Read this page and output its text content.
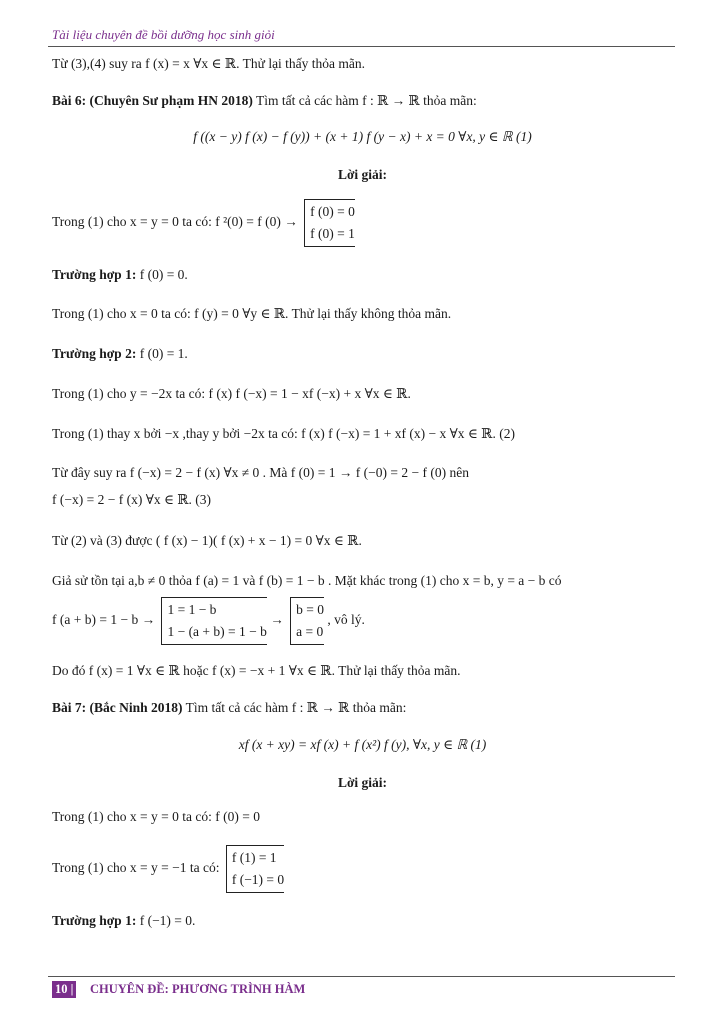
Tài liệu chuyên đề bồi dưỡng học sinh giỏi
Từ (3),(4) suy ra f (x) = x ∀x ∈ ℝ. Thử lại thấy thỏa mãn.
Bài 6: (Chuyên Sư phạm HN 2018) Tìm tất cả các hàm f : ℝ → ℝ thỏa mãn:
f ((x − y) f (x) − f (y)) + (x + 1) f (y − x) + x = 0 ∀x, y ∈ ℝ (1)
Lời giải:
Trong (1) cho x = y = 0 ta có: f ²(0) = f (0) →
f (0) = 0
f (0) = 1
Trường hợp 1: f (0) = 0.
Trong (1) cho x = 0 ta có: f (y) = 0 ∀y ∈ ℝ. Thử lại thấy không thỏa mãn.
Trường hợp 2: f (0) = 1.
Trong (1) cho y = −2x ta có: f (x) f (−x) = 1 − xf (−x) + x ∀x ∈ ℝ.
Trong (1) thay x bởi −x ,thay y bởi −2x ta có: f (x) f (−x) = 1 + xf (x) − x ∀x ∈ ℝ. (2)
Từ đây suy ra f (−x) = 2 − f (x) ∀x ≠ 0 . Mà f (0) = 1 → f (−0) = 2 − f (0) nên
f (−x) = 2 − f (x) ∀x ∈ ℝ. (3)
Từ (2) và (3) được ( f (x) − 1)( f (x) + x − 1) = 0 ∀x ∈ ℝ.
Giả sử tồn tại a,b ≠ 0 thỏa f (a) = 1 và f (b) = 1 − b . Mặt khác trong (1) cho x = b, y = a − b có
f (a + b) = 1 − b →
1 = 1 − b
1 − (a + b) = 1 − b
→
b = 0
a = 0
, vô lý.
Do đó f (x) = 1 ∀x ∈ ℝ hoặc f (x) = −x + 1 ∀x ∈ ℝ. Thử lại thấy thỏa mãn.
Bài 7: (Bắc Ninh 2018) Tìm tất cả các hàm f : ℝ → ℝ thỏa mãn:
xf (x + xy) = xf (x) + f (x²) f (y), ∀x, y ∈ ℝ (1)
Lời giải:
Trong (1) cho x = y = 0 ta có: f (0) = 0
Trong (1) cho x = y = −1 ta có:
f (1) = 1
f (−1) = 0
Trường hợp 1: f (−1) = 0.
10 | CHUYÊN ĐỀ: PHƯƠNG TRÌNH HÀM
